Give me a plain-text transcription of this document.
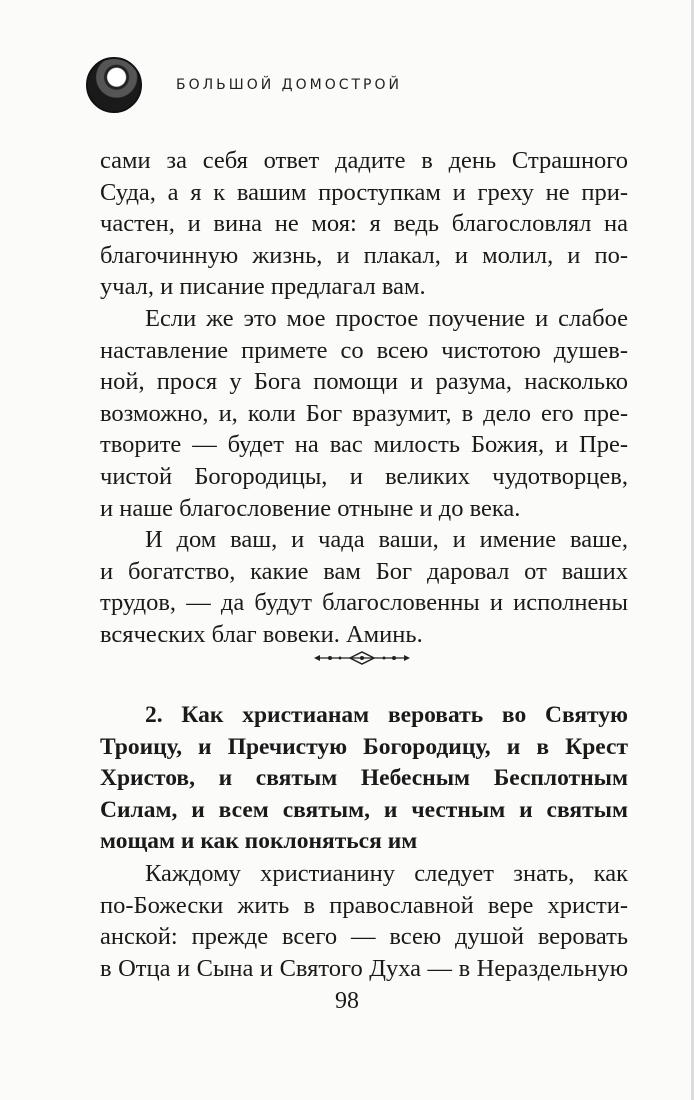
БОЛЬШОЙ ДОМОСТРОЙ
сами за себя ответ дадите в день Страшного
Суда, а я к вашим проступкам и греху не при-
частен, и вина не моя: я ведь благословлял на
благочинную жизнь, и плакал, и молил, и по-
учал, и писание предлагал вам.
Если же это мое простое поучение и слабое
наставление примете со всею чистотою душев-
ной, прося у Бога помощи и разума, насколько
возможно, и, коли Бог вразумит, в дело его пре-
творите — будет на вас милость Божия, и Пре-
чистой Богородицы, и великих чудотворцев,
и наше благословение отныне и до века.
И дом ваш, и чада ваши, и имение ваше,
и богатство, какие вам Бог даровал от ваших
трудов, — да будут благословенны и исполнены
всяческих благ вовеки. Аминь.
2. Как христианам веровать во Святую
Троицу, и Пречистую Богородицу, и в Крест
Христов, и святым Небесным Бесплотным
Силам, и всем святым, и честным и святым
мощам и как поклоняться им
Каждому христианину следует знать, как
по-Божески жить в православной вере христи-
анской: прежде всего — всею душой веровать
в Отца и Сына и Святого Духа — в Нераздельную
98
